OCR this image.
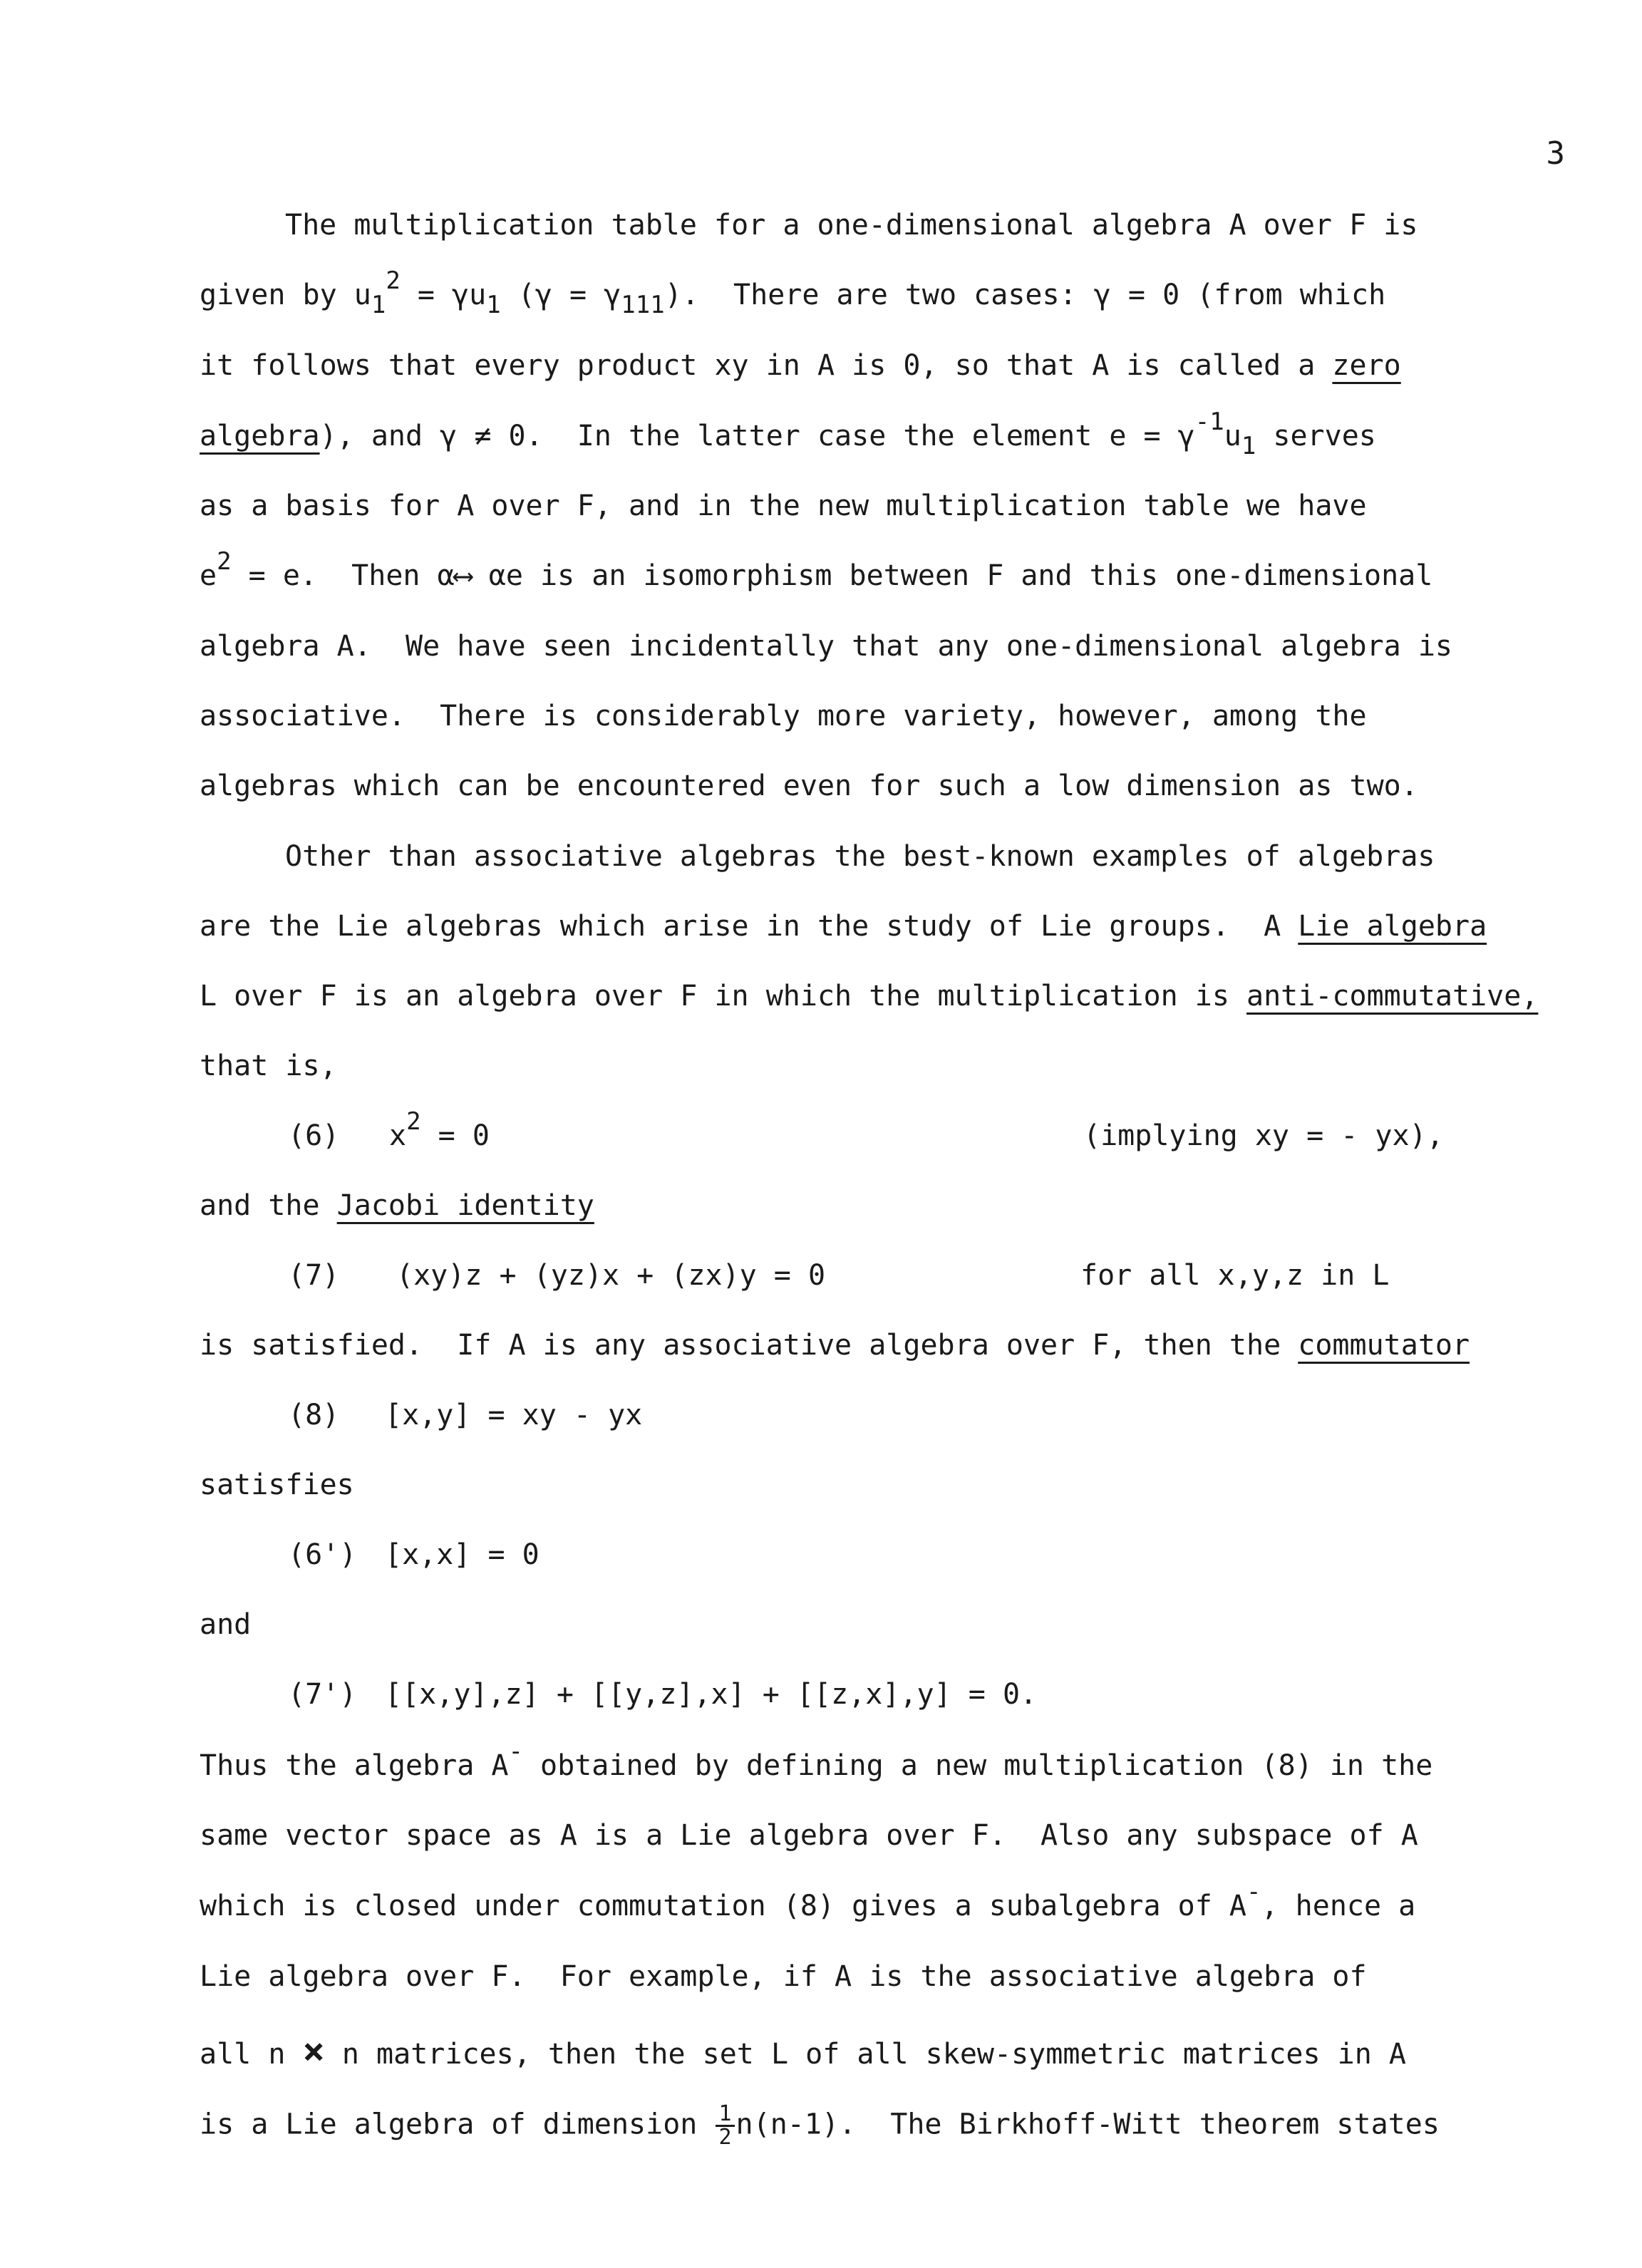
3
The multiplication table for a one-dimensional algebra A over F is
given by $u_1^2 = \gamma u_1$ $(\gamma = \gamma_{111})$.  There are two cases: γ = 0 (from which
it follows that every product xy in A is 0, so that A is called a zero
algebra), and γ ≠ 0.  In the latter case the element $e = \gamma^{-1}u_1$ serves
as a basis for A over F, and in the new multiplication table we have
$e^2 = e$.  Then α⟷ αe is an isomorphism between F and this one-dimensional
algebra A.  We have seen incidentally that any one-dimensional algebra is
associative.  There is considerably more variety, however, among the
algebras which can be encountered even for such a low dimension as two.
Other than associative algebras the best-known examples of algebras
are the Lie algebras which arise in the study of Lie groups.  A Lie algebra
L over F is an algebra over F in which the multiplication is anti-commutative,
that is,
(6) $x^2 = 0$	(implying xy = - yx),
and the Jacobi identity
(7) (xy)z + (yz)x + (zx)y = 0	for all x,y,z in L
is satisfied.  If A is any associative algebra over F, then the commutator
(8) [x,y] = xy - yx
satisfies
(6') [x,x] = 0
and
(7') [[x,y],z] + [[y,z],x] + [[z,x],y] = 0.
Thus the algebra A- obtained by defining a new multiplication (8) in the
same vector space as A is a Lie algebra over F.  Also any subspace of A
which is closed under commutation (8) gives a subalgebra of A-, hence a
Lie algebra over F.  For example, if A is the associative algebra of
all n × n matrices, then the set L of all skew-symmetric matrices in A
is a Lie algebra of dimension $\frac{1}{2} n(n-1)$.  The Birkhoff-Witt theorem states
